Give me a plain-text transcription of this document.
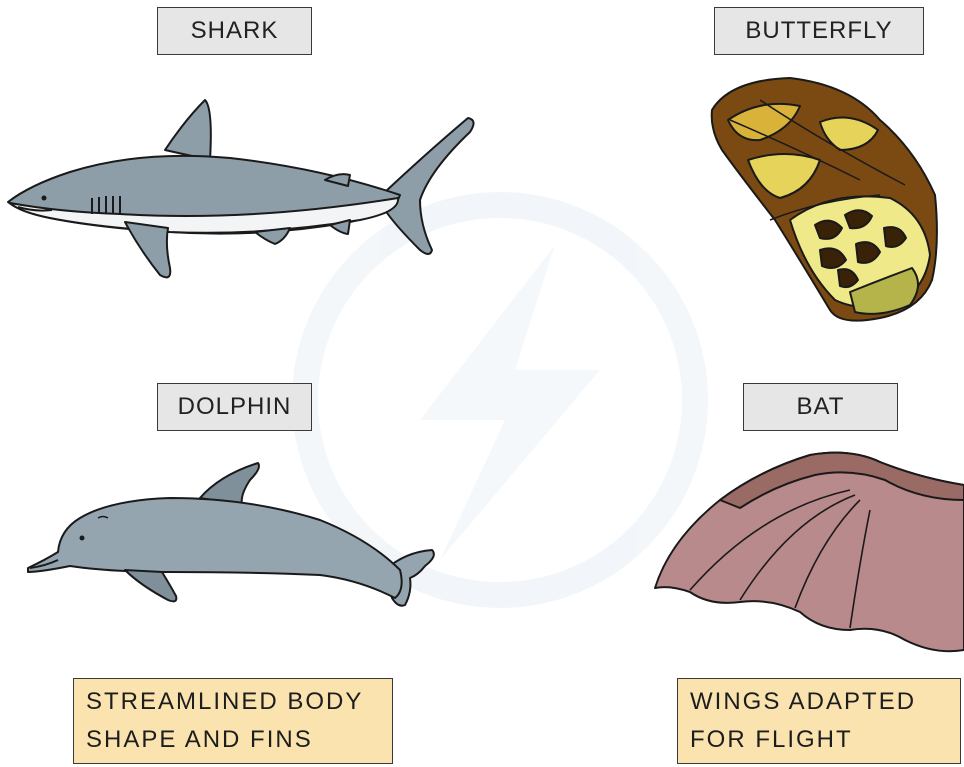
SHARK	BUTTERFLY
DOLPHIN	BAT
STREAMLINED BODY
SHAPE AND FINS
WINGS ADAPTED
FOR FLIGHT
